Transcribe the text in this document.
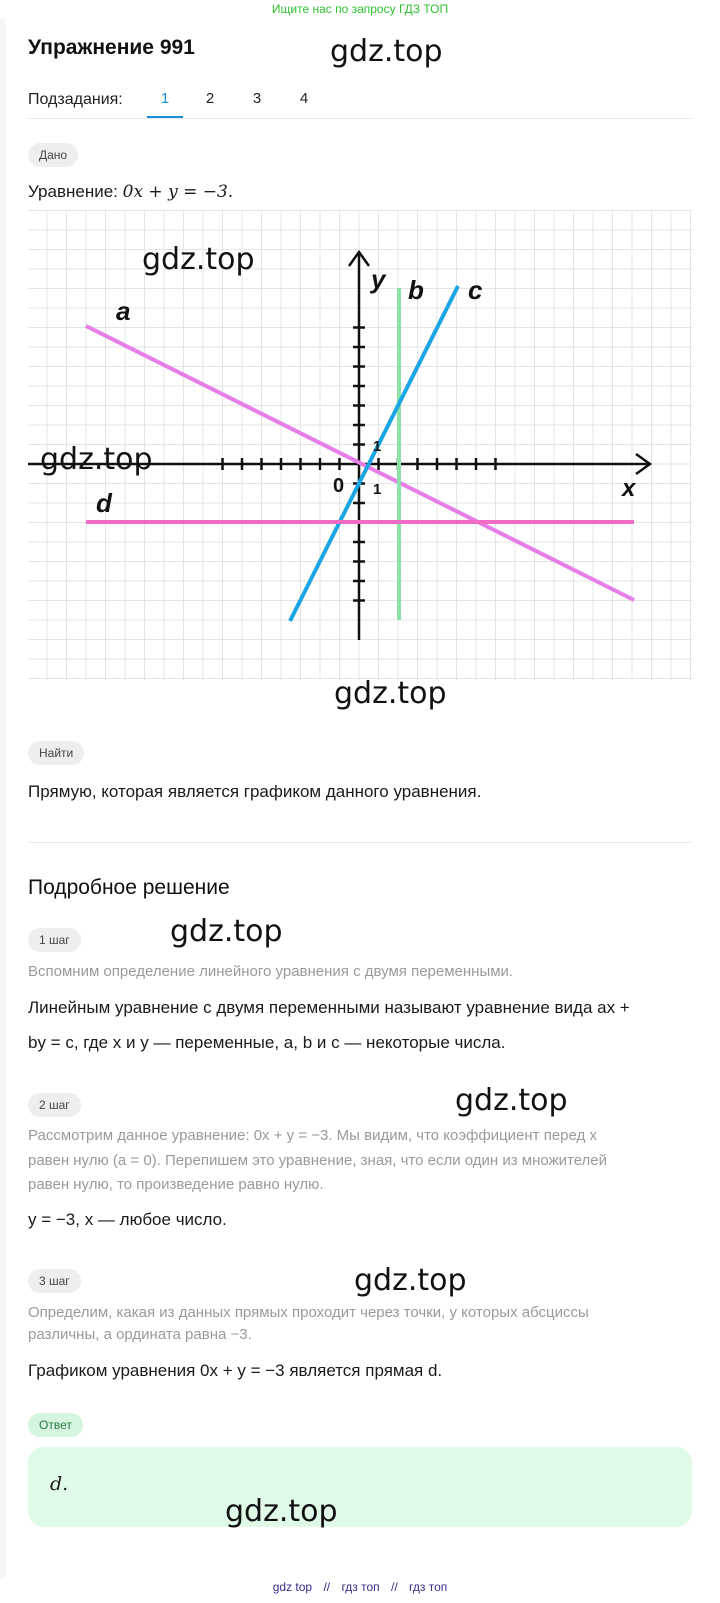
Ищите нас по запросу ГДЗ ТОП
Упражнение 991	gdz.top
Подзадания:	1	2	3	4
Дано
Уравнение: 0x + y = −3.
a
b c
d
y
x
0 1
1
gdz.top
gdz.top
gdz.top
Найти
Прямую, которая является графиком данного уравнения.
Подробное решение
1 шаг	gdz.top
Вспомним определение линейного уравнения с двумя переменными.
Линейным уравнение с двумя переменными называют уравнение вида ax +
by = c, где x и y — переменные, a, b и c — некоторые числа.
2 шаг	gdz.top
Рассмотрим данное уравнение: 0x + y = −3. Мы видим, что коэффициент перед x
равен нулю (a = 0). Перепишем это уравнение, зная, что если один из множителей
равен нулю, то произведение равно нулю.
y = −3, x — любое число.
3 шаг	gdz.top
Определим, какая из данных прямых проходит через точки, у которых абсциссы
различны, а ордината равна −3.
Графиком уравнения 0x + y = −3 является прямая d.
Ответ
d.
gdz.top
gdz top // гдз топ // гдз топ
